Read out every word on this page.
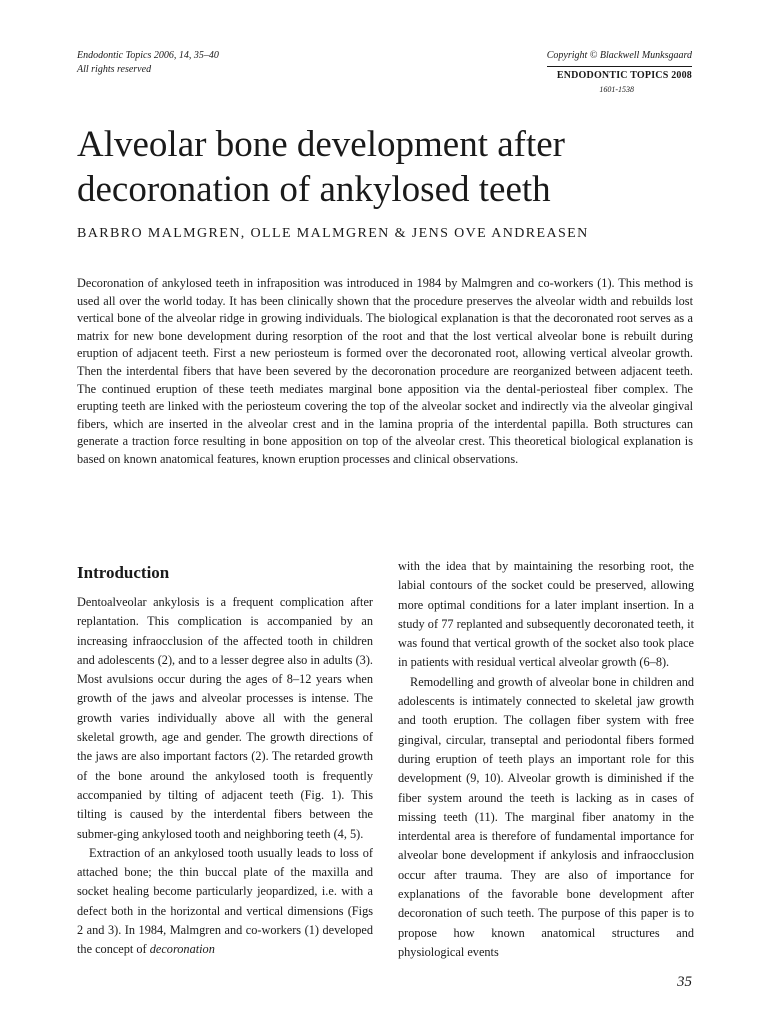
Endodontic Topics 2006, 14, 35–40
All rights reserved
Copyright © Blackwell Munksgaard
ENDODONTIC TOPICS 2008
1601-1538
Alveolar bone development after decoronation of ankylosed teeth
BARBRO MALMGREN, OLLE MALMGREN & JENS OVE ANDREASEN

Decoronation of ankylosed teeth in infraposition was introduced in 1984 by Malmgren and co-workers (1). This method is used all over the world today. It has been clinically shown that the procedure preserves the alveolar width and rebuilds lost vertical bone of the alveolar ridge in growing individuals. The biological explanation is that the decoronated root serves as a matrix for new bone development during resorption of the root and that the lost vertical alveolar bone is rebuilt during eruption of adjacent teeth. First a new periosteum is formed over the decoronated root, allowing vertical alveolar growth. Then the interdental fibers that have been severed by the decoronation procedure are reorganized between adjacent teeth. The continued eruption of these teeth mediates marginal bone apposition via the dental-periosteal fiber complex. The erupting teeth are linked with the periosteum covering the top of the alveolar socket and indirectly via the alveolar gingival fibers, which are inserted in the alveolar crest and in the lamina propria of the interdental papilla. Both structures can generate a traction force resulting in bone apposition on top of the alveolar crest. This theoretical biological explanation is based on known anatomical features, known eruption processes and clinical observations.

Introduction

Dentoalveolar ankylosis is a frequent complication after replantation. This complication is accompanied by an increasing infraocclusion of the affected tooth in children and adolescents (2), and to a lesser degree also in adults (3). Most avulsions occur during the ages of 8–12 years when growth of the jaws and alveolar processes is intense. The growth varies individually above all with the general skeletal growth, age and gender. The growth directions of the jaws are also important factors (2). The retarded growth of the bone around the ankylosed tooth is frequently accompanied by tilting of adjacent teeth (Fig. 1). This tilting is caused by the interdental fibers between the submer-ging ankylosed tooth and neighboring teeth (4, 5).

Extraction of an ankylosed tooth usually leads to loss of attached bone; the thin buccal plate of the maxilla and socket healing become particularly jeopardized, i.e. with a defect both in the horizontal and vertical dimensions (Figs 2 and 3). In 1984, Malmgren and co-workers (1) developed the concept of decoronation

with the idea that by maintaining the resorbing root, the labial contours of the socket could be preserved, allowing more optimal conditions for a later implant insertion. In a study of 77 replanted and subsequently decoronated teeth, it was found that vertical growth of the socket also took place in patients with residual vertical alveolar growth (6–8).

Remodelling and growth of alveolar bone in children and adolescents is intimately connected to skeletal jaw growth and tooth eruption. The collagen fiber system with free gingival, circular, transeptal and periodontal fibers formed during eruption of teeth plays an important role for this development (9, 10). Alveolar growth is diminished if the fiber system around the teeth is lacking as in cases of missing teeth (11). The marginal fiber anatomy in the interdental area is therefore of fundamental importance for alveolar bone development if ankylosis and infraocclusion occur after trauma. They are also of importance for explanations of the favorable bone development after decoronation of such teeth. The purpose of this paper is to propose how known anatomical structures and physiological events

35
